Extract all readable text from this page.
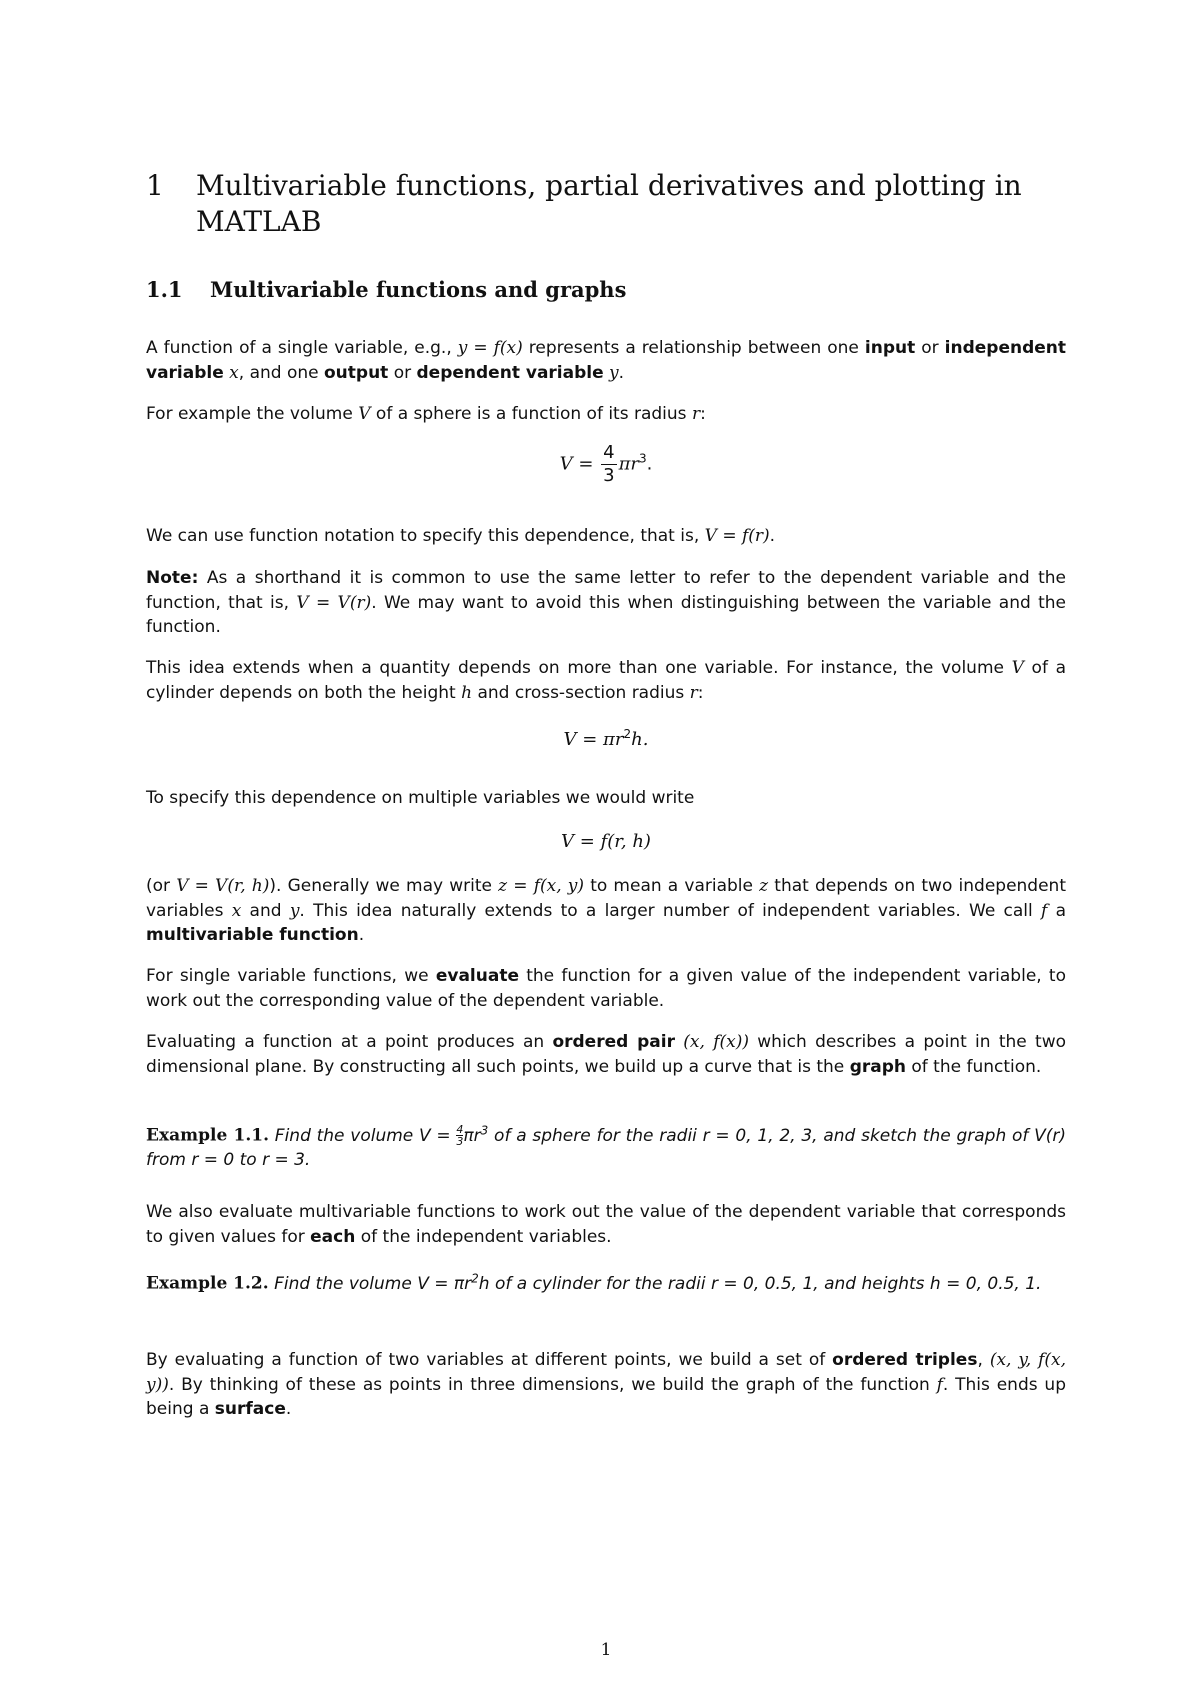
1 Multivariable functions, partial derivatives and plotting in MATLAB
1.1 Multivariable functions and graphs
A function of a single variable, e.g., y = f(x) represents a relationship between one input or independent variable x, and one output or dependent variable y.
For example the volume V of a sphere is a function of its radius r:
$V = \frac{4}{3} \pi r^3$.
We can use function notation to specify this dependence, that is, V = f(r).
Note: As a shorthand it is common to use the same letter to refer to the dependent variable and the function, that is, V = V(r). We may want to avoid this when distinguishing between the variable and the function.
This idea extends when a quantity depends on more than one variable. For instance, the volume V of a cylinder depends on both the height h and cross-section radius r:
$V = \pi r^2h$.
To specify this dependence on multiple variables we would write
V = f(r, h)
(or V = V(r, h)). Generally we may write z = f(x, y) to mean a variable z that depends on two independent variables x and y. This idea naturally extends to a larger number of independent variables. We call f a multivariable function.
For single variable functions, we evaluate the function for a given value of the independent variable, to work out the corresponding value of the dependent variable.
Evaluating a function at a point produces an ordered pair (x, f(x)) which describes a point in the two dimensional plane. By constructing all such points, we build up a curve that is the graph of the function.
Example 1.1. Find the volume $V = \frac{4}{3}\pi r^3$ of a sphere for the radii r = 0, 1, 2, 3, and sketch the graph of V(r) from r = 0 to r = 3.
We also evaluate multivariable functions to work out the value of the dependent variable that corresponds to given values for each of the independent variables.
Example 1.2. Find the volume $V = \pi r^2h$ of a cylinder for the radii r = 0, 0.5, 1, and heights h = 0, 0.5, 1.
By evaluating a function of two variables at different points, we build a set of ordered triples, (x, y, f(x, y)). By thinking of these as points in three dimensions, we build the graph of the function f. This ends up being a surface.
1
